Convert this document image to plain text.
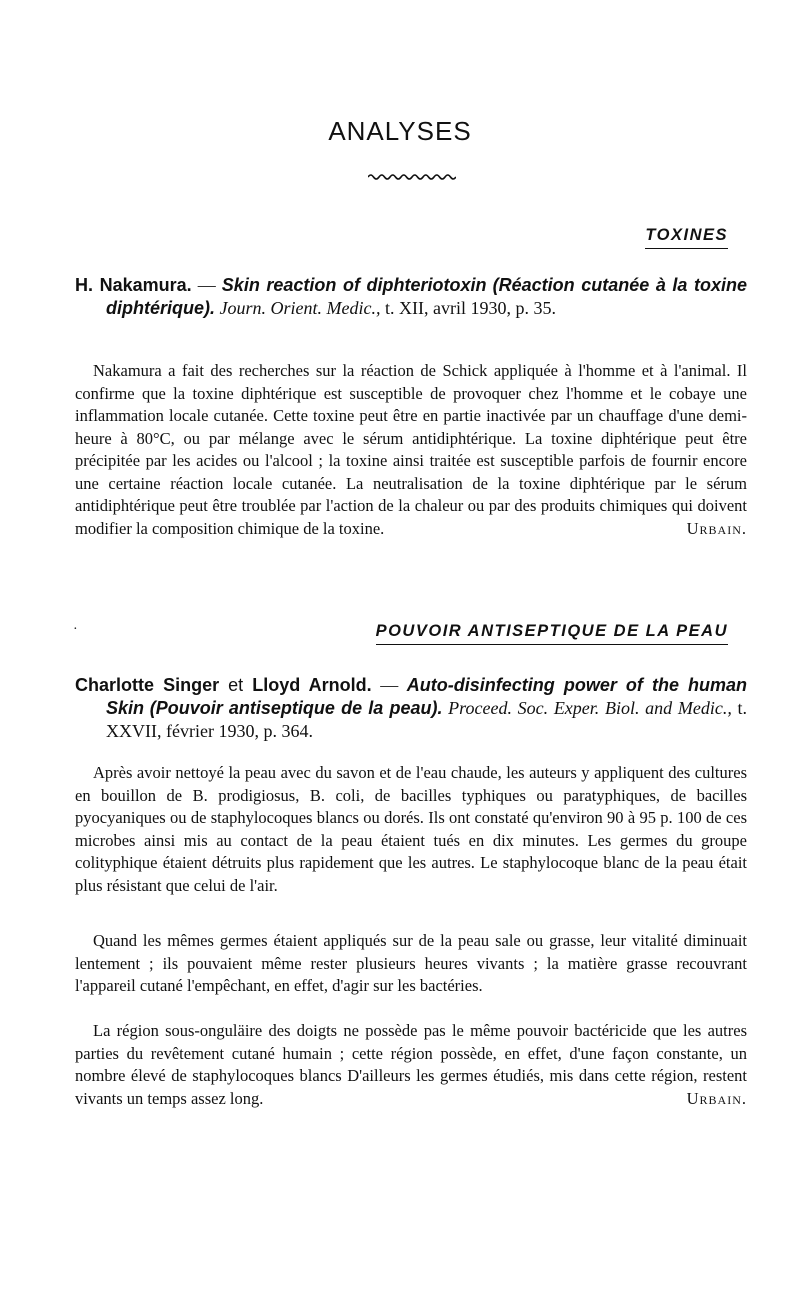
ANALYSES
TOXINES
H. Nakamura. — Skin reaction of diphteriotoxin (Réaction cutanée à la toxine diphtérique). Journ. Orient. Medic., t. XII, avril 1930, p. 35.
Nakamura a fait des recherches sur la réaction de Schick appliquée à l'homme et à l'animal. Il confirme que la toxine diphtérique est susceptible de provoquer chez l'homme et le cobaye une inflammation locale cutanée. Cette toxine peut être en partie inactivée par un chauffage d'une demi-heure à 80°C, ou par mélange avec le sérum antidiphtérique. La toxine diphtérique peut être précipitée par les acides ou l'alcool ; la toxine ainsi traitée est susceptible parfois de fournir encore une certaine réaction locale cutanée. La neutralisation de la toxine diphtérique par le sérum antidiphtérique peut être troublée par l'action de la chaleur ou par des produits chimiques qui doivent modifier la composition chimique de la toxine.	Urbain.
·	POUVOIR ANTISEPTIQUE DE LA PEAU
Charlotte Singer et Lloyd Arnold. — Auto-disinfecting power of the human Skin (Pouvoir antiseptique de la peau). Proceed. Soc. Exper. Biol. and Medic., t. XXVII, février 1930, p. 364.
Après avoir nettoyé la peau avec du savon et de l'eau chaude, les auteurs y appliquent des cultures en bouillon de B. prodigiosus, B. coli, de bacilles typhiques ou paratyphiques, de bacilles pyocyaniques ou de staphylocoques blancs ou dorés. Ils ont constaté qu'environ 90 à 95 p. 100 de ces microbes ainsi mis au contact de la peau étaient tués en dix minutes. Les germes du groupe colityphique étaient détruits plus rapidement que les autres. Le staphylocoque blanc de la peau était plus résistant que celui de l'air.
Quand les mêmes germes étaient appliqués sur de la peau sale ou grasse, leur vitalité diminuait lentement ; ils pouvaient même rester plusieurs heures vivants ; la matière grasse recouvrant l'appareil cutané l'empêchant, en effet, d'agir sur les bactéries.
La région sous-onguläire des doigts ne possède pas le même pouvoir bactéricide que les autres parties du revêtement cutané humain ; cette région possède, en effet, d'une façon constante, un nombre élevé de staphylocoques blancs D'ailleurs les germes étudiés, mis dans cette région, restent vivants un temps assez long.	Urbain.
